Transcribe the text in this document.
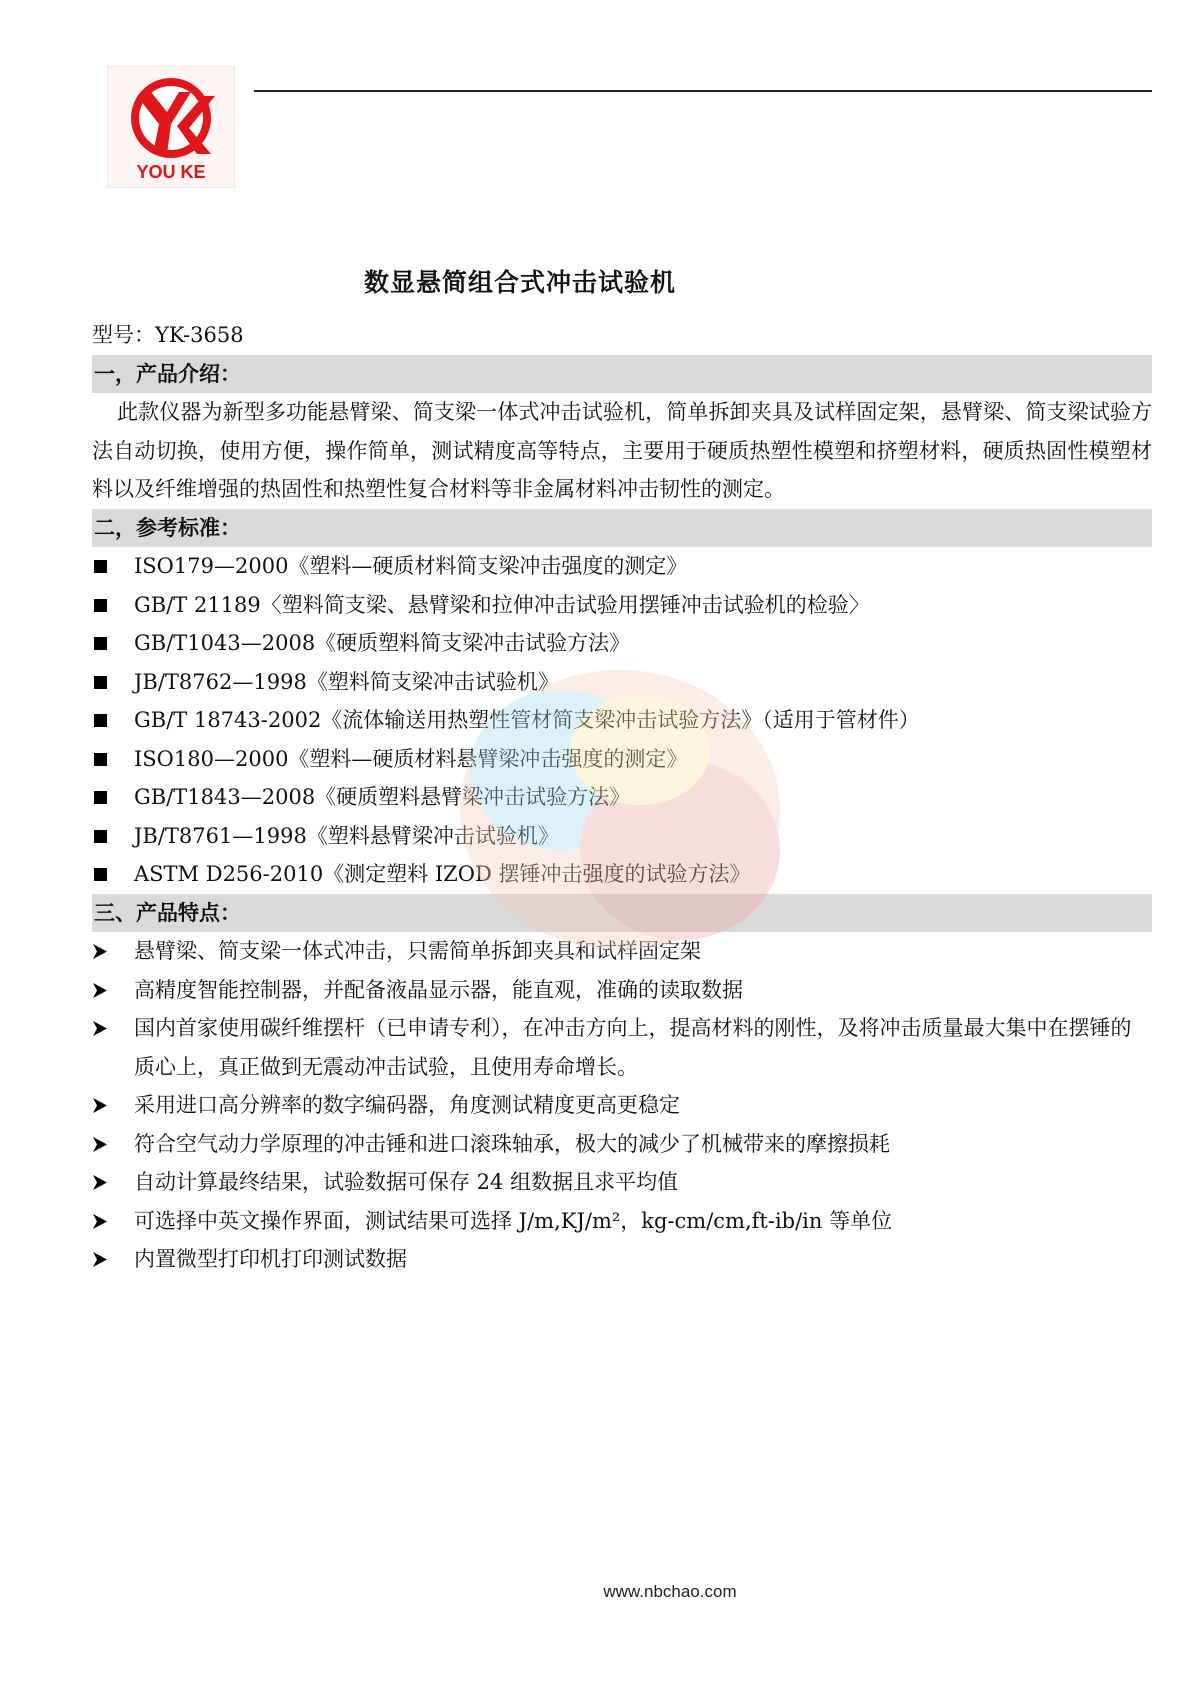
YOU KE
数显悬简组合式冲击试验机
型号：YK-3658
一，产品介绍：
此款仪器为新型多功能悬臂梁、简支梁一体式冲击试验机，简单拆卸夹具及试样固定架，悬臂梁、简支梁试验方法自动切换，使用方便，操作简单，测试精度高等特点，主要用于硬质热塑性模塑和挤塑材料，硬质热固性模塑材料以及纤维增强的热固性和热塑性复合材料等非金属材料冲击韧性的测定。
二，参考标准：
ISO179—2000《塑料—硬质材料简支梁冲击强度的测定》
GB/T 21189〈塑料简支梁、悬臂梁和拉伸冲击试验用摆锤冲击试验机的检验〉
GB/T1043—2008《硬质塑料简支梁冲击试验方法》
JB/T8762—1998《塑料简支梁冲击试验机》
GB/T 18743-2002《流体输送用热塑性管材简支梁冲击试验方法》（适用于管材件）
ISO180—2000《塑料—硬质材料悬臂梁冲击强度的测定》
GB/T1843—2008《硬质塑料悬臂梁冲击试验方法》
JB/T8761—1998《塑料悬臂梁冲击试验机》
ASTM D256-2010《测定塑料 IZOD 摆锤冲击强度的试验方法》
三、产品特点：
悬臂梁、简支梁一体式冲击，只需简单拆卸夹具和试样固定架
高精度智能控制器，并配备液晶显示器，能直观，准确的读取数据
国内首家使用碳纤维摆杆（已申请专利），在冲击方向上，提高材料的刚性，及将冲击质量最大集中在摆锤的质心上，真正做到无震动冲击试验，且使用寿命增长。
采用进口高分辨率的数字编码器，角度测试精度更高更稳定
符合空气动力学原理的冲击锤和进口滚珠轴承，极大的减少了机械带来的摩擦损耗
自动计算最终结果，试验数据可保存 24 组数据且求平均值
可选择中英文操作界面，测试结果可选择 J/m,KJ/m²，kg-cm/cm,ft-ib/in 等单位
内置微型打印机打印测试数据
www.nbchao.com
